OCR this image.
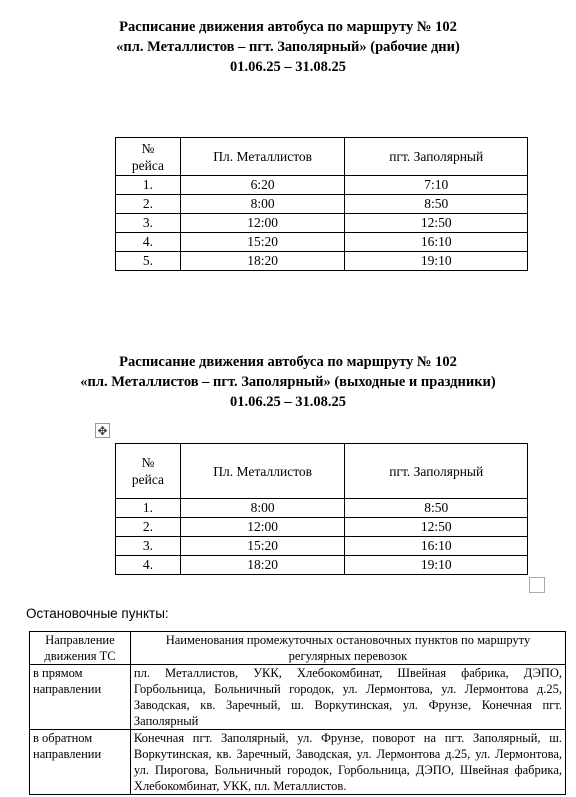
Расписание движения автобуса по маршруту № 102
«пл. Металлистов – пгт. Заполярный» (рабочие дни)
01.06.25 – 31.08.25
№
рейса	Пл. Металлистов	пгт. Заполярный
1.	6:20	7:10
2.	8:00	8:50
3.	12:00	12:50
4.	15:20	16:10
5.	18:20	19:10
Расписание движения автобуса по маршруту № 102
«пл. Металлистов – пгт. Заполярный» (выходные и праздники)
01.06.25 – 31.08.25
✥
№
рейса	Пл. Металлистов	пгт. Заполярный
1.	8:00	8:50
2.	12:00	12:50
3.	15:20	16:10
4.	18:20	19:10
Остановочные пункты:
Направление движения ТС	Наименования промежуточных остановочных пунктов по маршруту регулярных перевозок
в прямом направлении	пл. Металлистов, УКК, Хлебокомбинат, Швейная фабрика, ДЭПО, Горбольница, Больничный городок, ул. Лермонтова, ул. Лермонтова д.25, Заводская, кв. Заречный, ш. Воркутинская, ул. Фрунзе, Конечная пгт. Заполярный
в обратном направлении	Конечная пгт. Заполярный, ул. Фрунзе, поворот на пгт. Заполярный, ш. Воркутинская, кв. Заречный, Заводская, ул. Лермонтова д.25, ул. Лермонтова, ул. Пирогова, Больничный городок, Горбольница, ДЭПО, Швейная фабрика, Хлебокомбинат, УКК, пл. Металлистов.
